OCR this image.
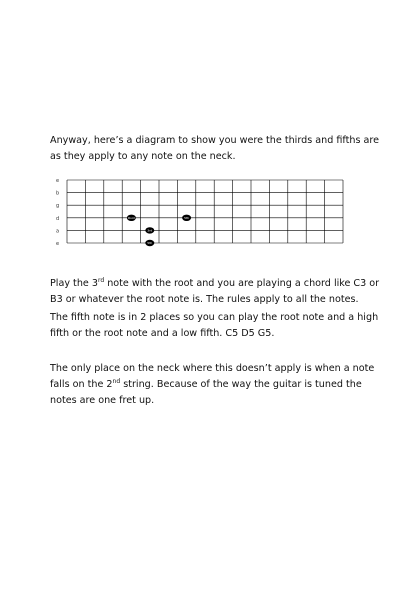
Anyway, here’s a diagram to show you were the thirds and fifths are as they apply to any note on the neck.

e
b
g
d
a
e
Root	5th
3rd
5th

Play the 3rd note with the root and you are playing a chord like C3 or B3 or whatever the root note is. The rules apply to all the notes.

The fifth note is in 2 places so you can play the root note and a high fifth or the root note and a low fifth. C5 D5 G5.

The only place on the neck where this doesn’t apply is when a note falls on the 2nd string. Because of the way the guitar is tuned the notes are one fret up.
